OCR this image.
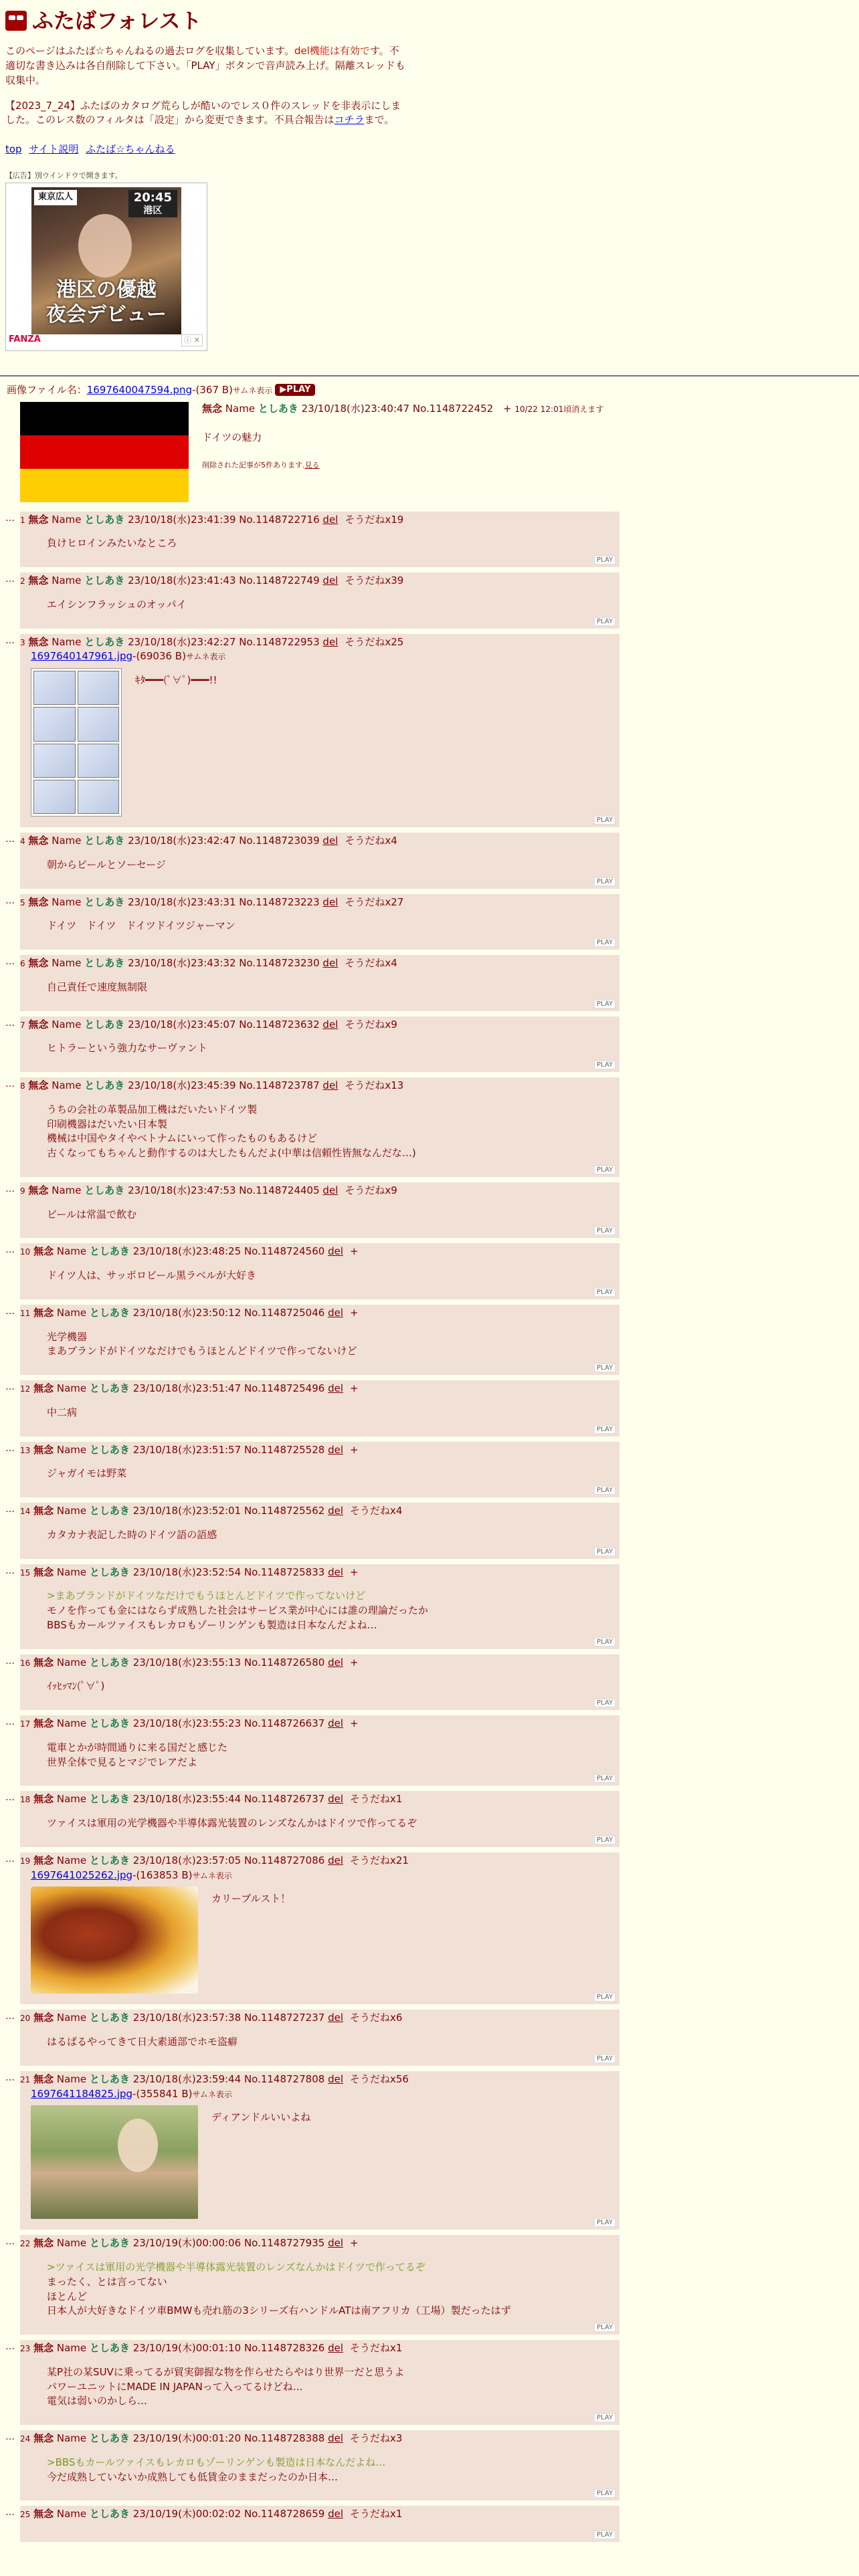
ふたばフォレスト
このページはふたば☆ちゃんねるの過去ログを収集しています。del機能は有効です。不適切な書き込みは各自削除して下さい。「PLAY」ボタンで音声読み上げ。隔離スレッドも収集中。
【2023_7_24】ふたばのカタログ荒らしが酷いのでレス０件のスレッドを非表示にしました。このレス数のフィルタは「設定」から変更できます。不具合報告はコチラまで。
top サイト説明 ふたば☆ちゃんねる
【広告】別ウインドウで開きます。
東京広人	20:45
港区
港区の優越
夜会デビュー
FANZA	ⓘ ✕
画像ファイル名：1697640047594.png-(367 B)サムネ表示 ▶PLAY
無念 Name としあき 23/10/18(水)23:40:47 No.1148722452 + 10/22 12:01頃消えます
ドイツの魅力
削除された記事が5件あります.見る
… 1 無念 Name としあき 23/10/18(水)23:41:39 No.1148722716 del そうだねx19
負けヒロインみたいなところ
PLAY
… 2 無念 Name としあき 23/10/18(水)23:41:43 No.1148722749 del そうだねx39
エイシンフラッシュのオッパイ
PLAY
… 3 無念 Name としあき 23/10/18(水)23:42:27 No.1148722953 del そうだねx25
1697640147961.jpg-(69036 B)サムネ表示
ｷﾀ━━━(ﾟ∀ﾟ)━━━!!
PLAY
… 4 無念 Name としあき 23/10/18(水)23:42:47 No.1148723039 del そうだねx4
朝からビールとソーセージ
PLAY
… 5 無念 Name としあき 23/10/18(水)23:43:31 No.1148723223 del そうだねx27
ドイツ　ドイツ　ドイツドイツジャーマン
PLAY
… 6 無念 Name としあき 23/10/18(水)23:43:32 No.1148723230 del そうだねx4
自己責任で速度無制限
PLAY
… 7 無念 Name としあき 23/10/18(水)23:45:07 No.1148723632 del そうだねx9
ヒトラーという強力なサーヴァント
PLAY
… 8 無念 Name としあき 23/10/18(水)23:45:39 No.1148723787 del そうだねx13
うちの会社の革製品加工機はだいたいドイツ製
印刷機器はだいたい日本製
機械は中国やタイやベトナムにいって作ったものもあるけど
古くなってもちゃんと動作するのは大したもんだよ(中華は信頼性皆無なんだな…)
PLAY
… 9 無念 Name としあき 23/10/18(水)23:47:53 No.1148724405 del そうだねx9
ビールは常温で飲む
PLAY
… 10 無念 Name としあき 23/10/18(水)23:48:25 No.1148724560 del +
ドイツ人は、サッポロビール黒ラベルが大好き
PLAY
… 11 無念 Name としあき 23/10/18(水)23:50:12 No.1148725046 del +
光学機器
まあブランドがドイツなだけでもうほとんどドイツで作ってないけど
PLAY
… 12 無念 Name としあき 23/10/18(水)23:51:47 No.1148725496 del +
中二病
PLAY
… 13 無念 Name としあき 23/10/18(水)23:51:57 No.1148725528 del +
ジャガイモは野菜
PLAY
… 14 無念 Name としあき 23/10/18(水)23:52:01 No.1148725562 del そうだねx4
カタカナ表記した時のドイツ語の語感
PLAY
… 15 無念 Name としあき 23/10/18(水)23:52:54 No.1148725833 del +
>まあブランドがドイツなだけでもうほとんどドイツで作ってないけど
モノを作っても金にはならず成熟した社会はサービス業が中心には誰の理論だったか
BBSもカールツァイスもレカロもゾーリンゲンも製造は日本なんだよね…
PLAY
… 16 無念 Name としあき 23/10/18(水)23:55:13 No.1148726580 del +
ｲｯﾋｯﾏﾝ(ﾟ∀ﾟ)
PLAY
… 17 無念 Name としあき 23/10/18(水)23:55:23 No.1148726637 del +
電車とかが時間通りに来る国だと感じた
世界全体で見るとマジでレアだよ
PLAY
… 18 無念 Name としあき 23/10/18(水)23:55:44 No.1148726737 del そうだねx1
ツァイスは軍用の光学機器や半導体露光装置のレンズなんかはドイツで作ってるぞ
PLAY
… 19 無念 Name としあき 23/10/18(水)23:57:05 No.1148727086 del そうだねx21
1697641025262.jpg-(163853 B)サムネ表示
カリーブルスト！
PLAY
… 20 無念 Name としあき 23/10/18(水)23:57:38 No.1148727237 del そうだねx6
はるばるやってきて日大素通部でホモ盗癖
PLAY
… 21 無念 Name としあき 23/10/18(水)23:59:44 No.1148727808 del そうだねx56
1697641184825.jpg-(355841 B)サムネ表示
ディアンドルいいよね
PLAY
… 22 無念 Name としあき 23/10/19(木)00:00:06 No.1148727935 del +
>ツァイスは軍用の光学機器や半導体露光装置のレンズなんかはドイツで作ってるぞ
まったく、とは言ってない
ほとんど
日本人が大好きなドイツ車BMWも売れ筋の3シリーズ右ハンドルATは南アフリカ（工場）製だったはず
PLAY
… 23 無念 Name としあき 23/10/19(木)00:01:10 No.1148728326 del そうだねx1
某P社の某SUVに乗ってるが貿実御握な物を作らせたらやはり世界一だと思うよ
パワーユニットにMADE IN JAPANって入ってるけどね…
電気は弱いのかしら…
PLAY
… 24 無念 Name としあき 23/10/19(木)00:01:20 No.1148728388 del そうだねx3
>BBSもカールツァイスもレカロもゾーリンゲンも製造は日本なんだよね…
今だ成熟していないか成熟しても低賃金のままだったのか日本…
PLAY
… 25 無念 Name としあき 23/10/19(木)00:02:02 No.1148728659 del そうだねx1
PLAY
